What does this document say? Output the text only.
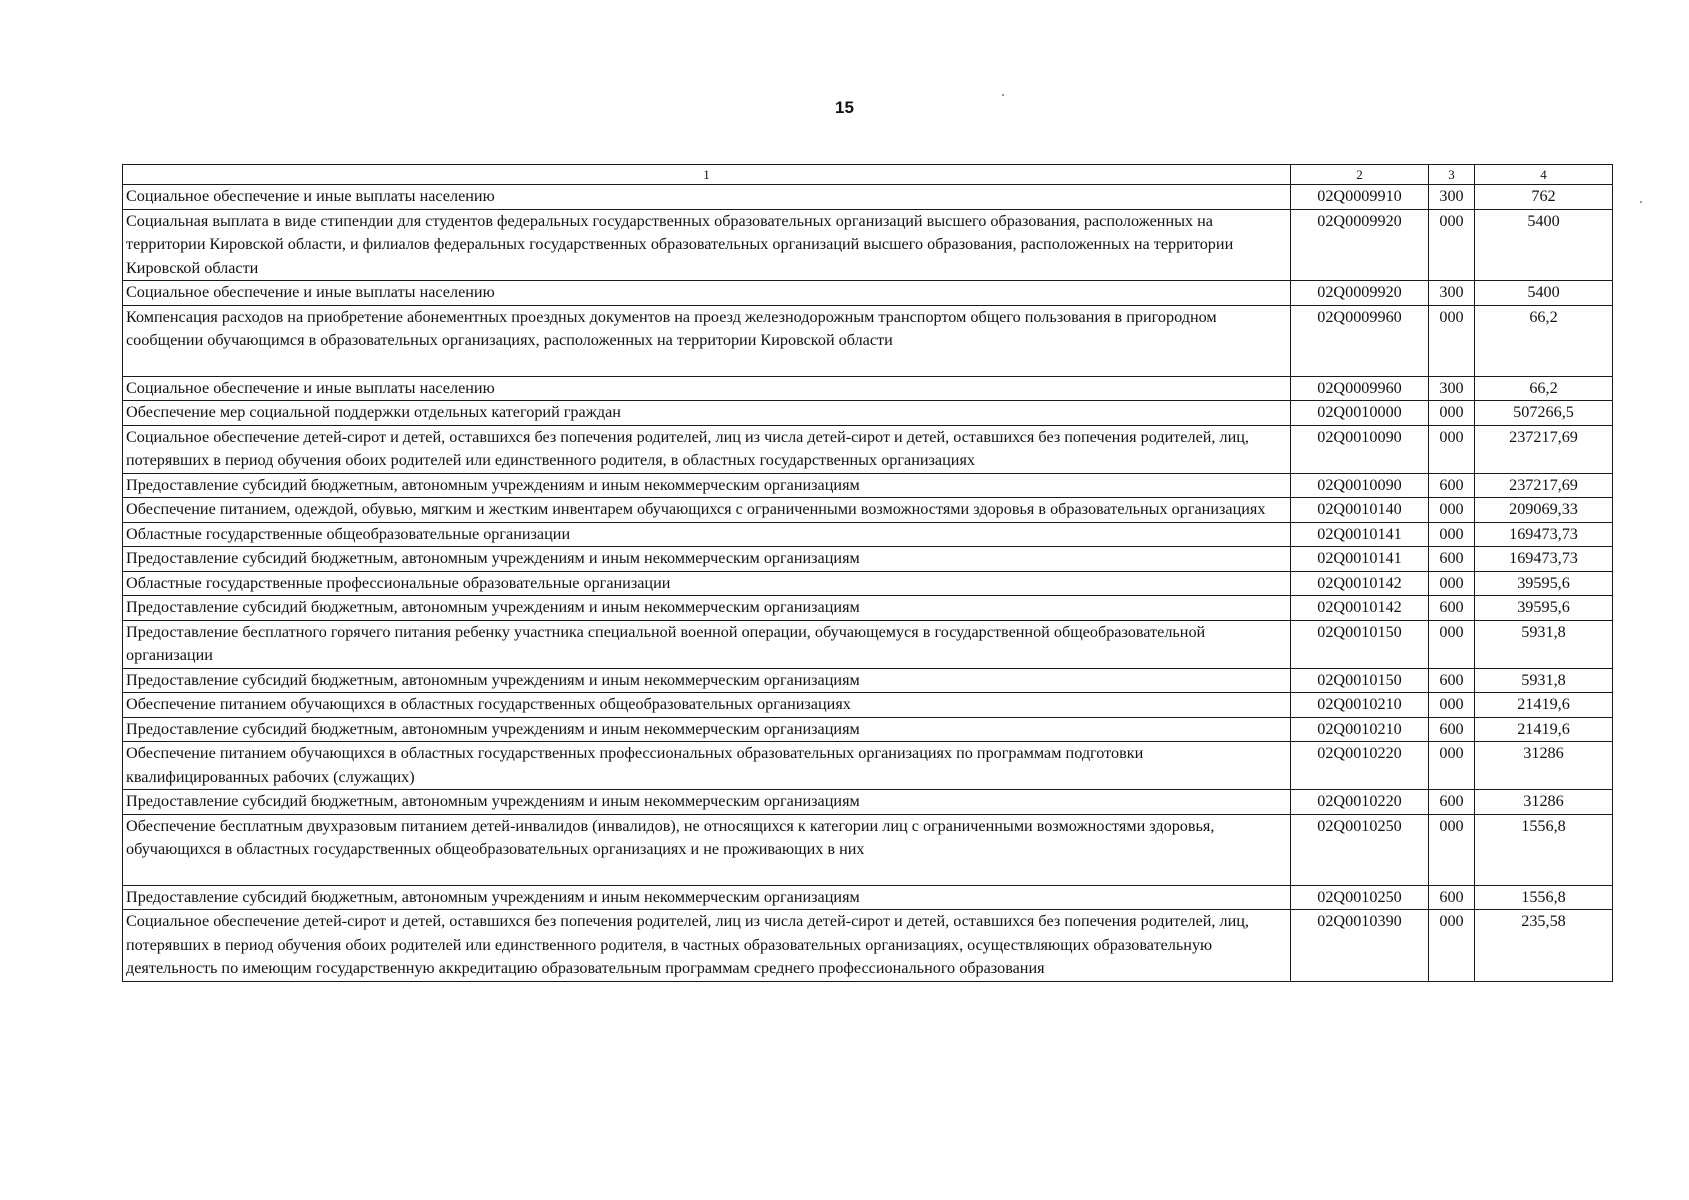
15
1	2	3	4
Социальное обеспечение и иные выплаты населению	02Q0009910	300	762
Социальная выплата в виде стипендии для студентов федеральных государственных образовательных организаций высшего образования, расположенных на территории Кировской области, и филиалов федеральных государственных образовательных организаций высшего образования, расположенных на территории Кировской области	02Q0009920	000	5400
Социальное обеспечение и иные выплаты населению	02Q0009920	300	5400
Компенсация расходов на приобретение абонементных проездных документов на проезд железнодорожным транспортом общего пользования в пригородном сообщении обучающимся в образовательных организациях, расположенных на территории Кировской области	02Q0009960	000	66,2
Социальное обеспечение и иные выплаты населению	02Q0009960	300	66,2
Обеспечение мер социальной поддержки отдельных категорий граждан	02Q0010000	000	507266,5
Социальное обеспечение детей-сирот и детей, оставшихся без попечения родителей, лиц из числа детей-сирот и детей, оставшихся без попечения родителей, лиц, потерявших в период обучения обоих родителей или единственного родителя, в областных государственных организациях	02Q0010090	000	237217,69
Предоставление субсидий бюджетным, автономным учреждениям и иным некоммерческим организациям	02Q0010090	600	237217,69
Обеспечение питанием, одеждой, обувью, мягким и жестким инвентарем обучающихся с ограниченными возможностями здоровья в образовательных организациях	02Q0010140	000	209069,33
Областные государственные общеобразовательные организации	02Q0010141	000	169473,73
Предоставление субсидий бюджетным, автономным учреждениям и иным некоммерческим организациям	02Q0010141	600	169473,73
Областные государственные профессиональные образовательные организации	02Q0010142	000	39595,6
Предоставление субсидий бюджетным, автономным учреждениям и иным некоммерческим организациям	02Q0010142	600	39595,6
Предоставление бесплатного горячего питания ребенку участника специальной военной операции, обучающемуся в государственной общеобразовательной организации	02Q0010150	000	5931,8
Предоставление субсидий бюджетным, автономным учреждениям и иным некоммерческим организациям	02Q0010150	600	5931,8
Обеспечение питанием обучающихся в областных государственных общеобразовательных организациях	02Q0010210	000	21419,6
Предоставление субсидий бюджетным, автономным учреждениям и иным некоммерческим организациям	02Q0010210	600	21419,6
Обеспечение питанием обучающихся в областных государственных профессиональных образовательных организациях по программам подготовки квалифицированных рабочих (служащих)	02Q0010220	000	31286
Предоставление субсидий бюджетным, автономным учреждениям и иным некоммерческим организациям	02Q0010220	600	31286
Обеспечение бесплатным двухразовым питанием детей-инвалидов (инвалидов), не относящихся к категории лиц с ограниченными возможностями здоровья, обучающихся в областных государственных общеобразовательных организациях и не проживающих в них	02Q0010250	000	1556,8
Предоставление субсидий бюджетным, автономным учреждениям и иным некоммерческим организациям	02Q0010250	600	1556,8
Социальное обеспечение детей-сирот и детей, оставшихся без попечения родителей, лиц из числа детей-сирот и детей, оставшихся без попечения родителей, лиц, потерявших в период обучения обоих родителей или единственного родителя, в частных образовательных организациях, осуществляющих образовательную деятельность по имеющим государственную аккредитацию образовательным программам среднего профессионального образования	02Q0010390	000	235,58
